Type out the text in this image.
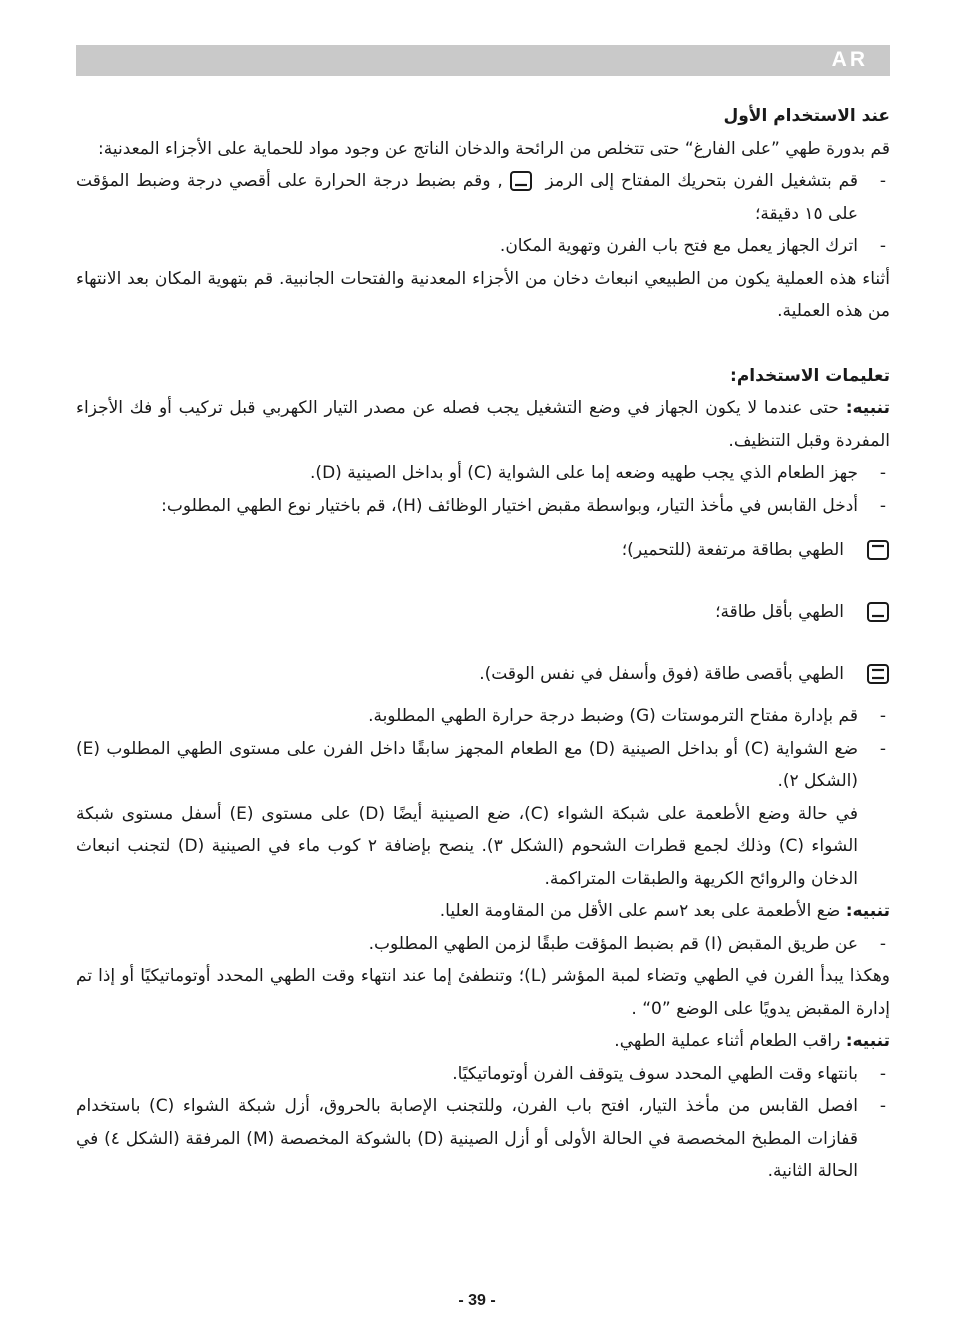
AR

عند الاستخدام الأول

قم بدورة طهي ”على الفارغ“ حتى تتخلص من الرائحة والدخان الناتج عن وجود مواد للحماية على الأجزاء المعدنية:

-
قم بتشغيل الفرن بتحريك المفتاح إلى الرمز , وقم بضبط درجة الحرارة على أقصي درجة وضبط المؤقت على ١٥ دقيقة؛

-
اترك الجهاز يعمل مع فتح باب الفرن وتهوية المكان.

أثناء هذه العملية يكون من الطبيعي انبعاث دخان من الأجزاء المعدنية والفتحات الجانبية. قم بتهوية المكان بعد الانتهاء من هذه العملية.

تعليمات الاستخدام:

تنبيه: حتى عندما لا يكون الجهاز في وضع التشغيل يجب فصله عن مصدر التيار الكهربي قبل تركيب أو فك الأجزاء المفردة وقبل التنظيف.

-
جهز الطعام الذي يجب طهيه وضعه إما على الشواية (C) أو بداخل الصينية (D).

-
أدخل القابس في مأخذ التيار، وبواسطة مقبض اختيار الوظائف (H)، قم باختيار نوع الطهي المطلوب:

الطهي بطاقة مرتفعة (للتحمير)؛
الطهي بأقل طاقة؛
الطهي بأقصى طاقة (فوق وأسفل في نفس الوقت).

-
قم بإدارة مفتاح الترموستات (G) وضبط درجة حرارة الطهي المطلوبة.

-
ضع الشواية (C) أو بداخل الصينية (D) مع الطعام المجهز سابقًا داخل الفرن على مستوى الطهي المطلوب (E) (الشكل ٢).

في حالة وضع الأطعمة على شبكة الشواء (C)، ضع الصينية أيضًا (D) على مستوى (E) أسفل مستوى شبكة الشواء (C) وذلك لجمع قطرات الشحوم (الشكل ٣). ينصح بإضافة ٢ كوب ماء في الصينية (D) لتجنب انبعاث الدخان والروائح الكريهة والطبقات المتراكمة.

تنبيه: ضع الأطعمة على بعد ٢سم على الأقل من المقاومة العليا.

-
عن طريق المقبض (I) قم بضبط المؤقت طبقًا لزمن الطهي المطلوب.

وهكذا يبدأ الفرن في الطهي وتضاء لمبة المؤشر (L)؛ وتنطفئ إما عند انتهاء وقت الطهي المحدد أوتوماتيكيًا أو إذا تم إدارة المقبض يدويًا على الوضع ”0“ .

تنبيه: راقب الطعام أثناء عملية الطهي.

-
بانتهاء وقت الطهي المحدد سوف يتوقف الفرن أوتوماتيكيًا.

-
افصل القابس من مأخذ التيار، افتح باب الفرن، وللتجنب الإصابة بالحروق، أزل شبكة الشواء (C) باستخدام قفازات المطبخ المخصصة في الحالة الأولى أو أزل الصينية (D) بالشوكة المخصصة (M) المرفقة (الشكل ٤) في الحالة الثانية.

- 39 -
